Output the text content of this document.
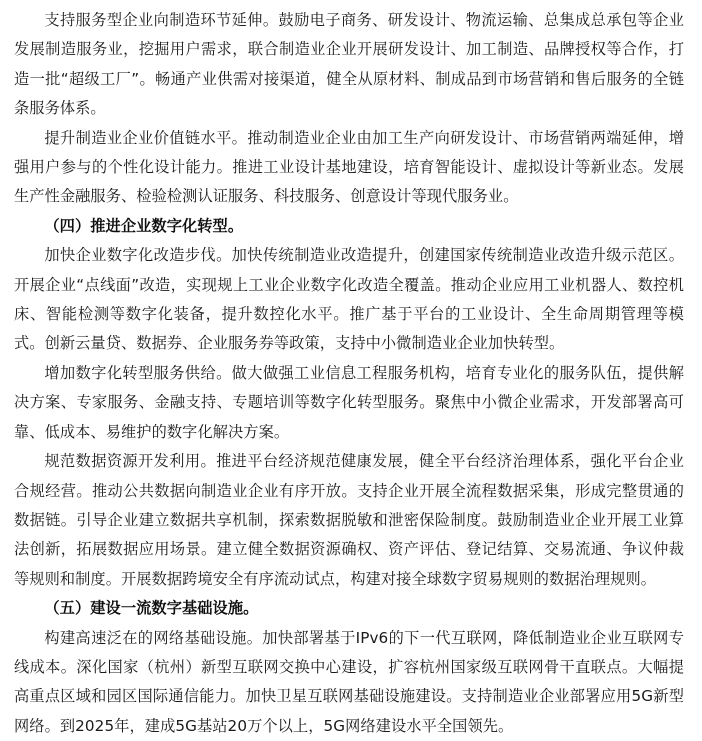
支持服务型企业向制造环节延伸。鼓励电子商务、研发设计、物流运输、总集成总承包等企业发展制造服务业，挖掘用户需求，联合制造业企业开展研发设计、加工制造、品牌授权等合作，打造一批“超级工厂”。畅通产业供需对接渠道，健全从原材料、制成品到市场营销和售后服务的全链条服务体系。

提升制造业企业价值链水平。推动制造业企业由加工生产向研发设计、市场营销两端延伸，增强用户参与的个性化设计能力。推进工业设计基地建设，培育智能设计、虚拟设计等新业态。发展生产性金融服务、检验检测认证服务、科技服务、创意设计等现代服务业。

（四）推进企业数字化转型。

加快企业数字化改造步伐。加快传统制造业改造提升，创建国家传统制造业改造升级示范区。开展企业“点线面”改造，实现规上工业企业数字化改造全覆盖。推动企业应用工业机器人、数控机床、智能检测等数字化装备，提升数控化水平。推广基于平台的工业设计、全生命周期管理等模式。创新云量贷、数据券、企业服务券等政策，支持中小微制造业企业加快转型。

增加数字化转型服务供给。做大做强工业信息工程服务机构，培育专业化的服务队伍，提供解决方案、专家服务、金融支持、专题培训等数字化转型服务。聚焦中小微企业需求，开发部署高可靠、低成本、易维护的数字化解决方案。

规范数据资源开发利用。推进平台经济规范健康发展，健全平台经济治理体系，强化平台企业合规经营。推动公共数据向制造业企业有序开放。支持企业开展全流程数据采集，形成完整贯通的数据链。引导企业建立数据共享机制，探索数据脱敏和泄密保险制度。鼓励制造业企业开展工业算法创新，拓展数据应用场景。建立健全数据资源确权、资产评估、登记结算、交易流通、争议仲裁等规则和制度。开展数据跨境安全有序流动试点，构建对接全球数字贸易规则的数据治理规则。

（五）建设一流数字基础设施。

构建高速泛在的网络基础设施。加快部署基于IPv6的下一代互联网，降低制造业企业互联网专线成本。深化国家（杭州）新型互联网交换中心建设，扩容杭州国家级互联网骨干直联点。大幅提高重点区域和园区国际通信能力。加快卫星互联网基础设施建设。支持制造业企业部署应用5G新型网络。到2025年，建成5G基站20万个以上，5G网络建设水平全国领先。
